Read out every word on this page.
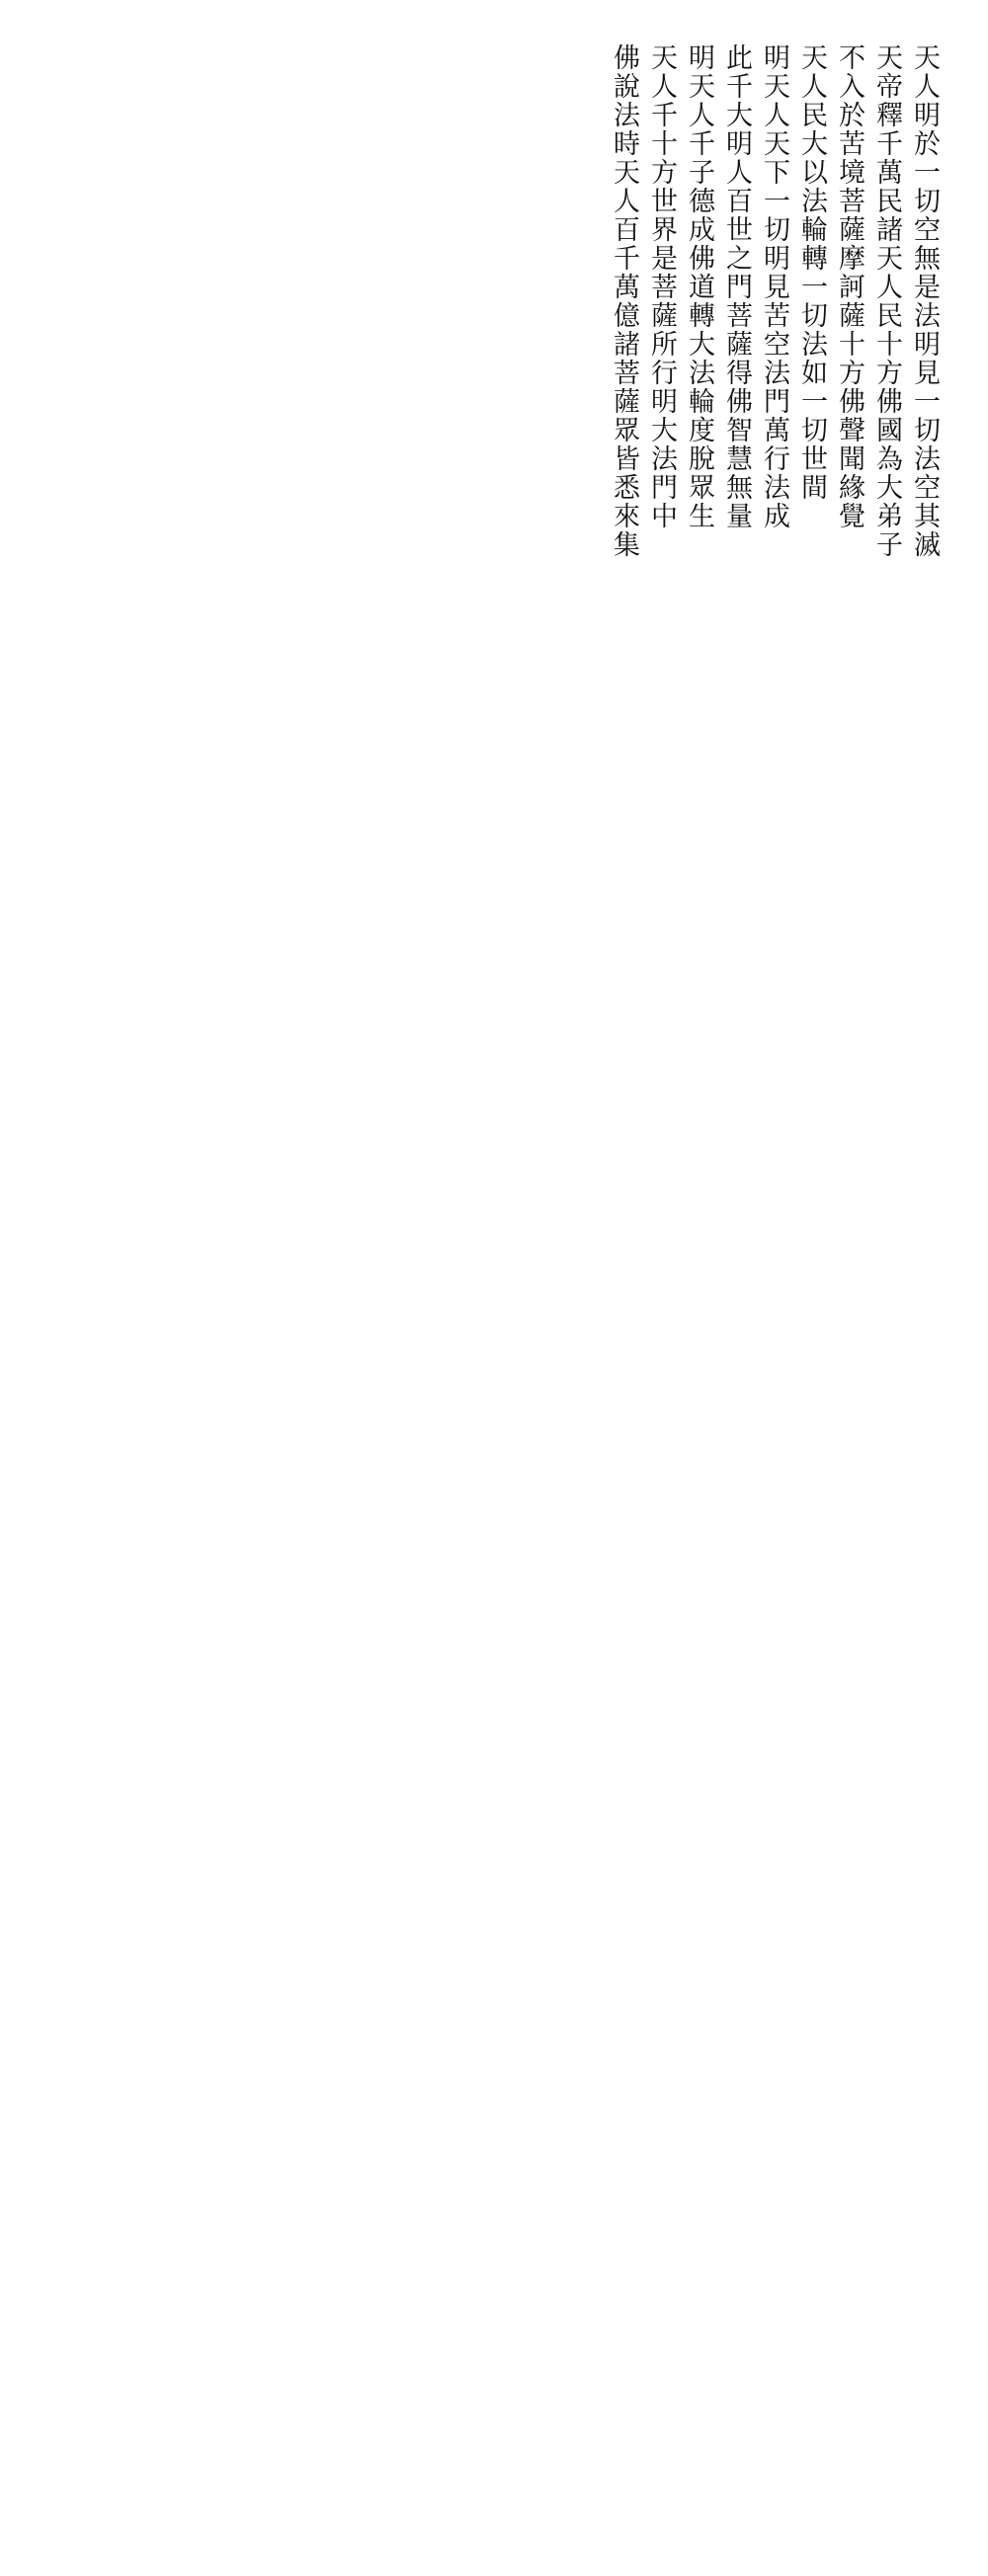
天人明於一切空無是法明見一切法空其滅
天帝釋千萬民諸天人民十方佛國為大弟子
不入於苦境菩薩摩訶薩十方佛聲聞緣覺
天人民大以法輪轉一切法如一切世間
明天人天下一切明見苦空法門萬行法成
此千大明人百世之門菩薩得佛智慧無量
明天人千子德成佛道轉大法輪度脫眾生
天人千十方世界是菩薩所行明大法門中
佛說法時天人百千萬億諸菩薩眾皆悉來集
